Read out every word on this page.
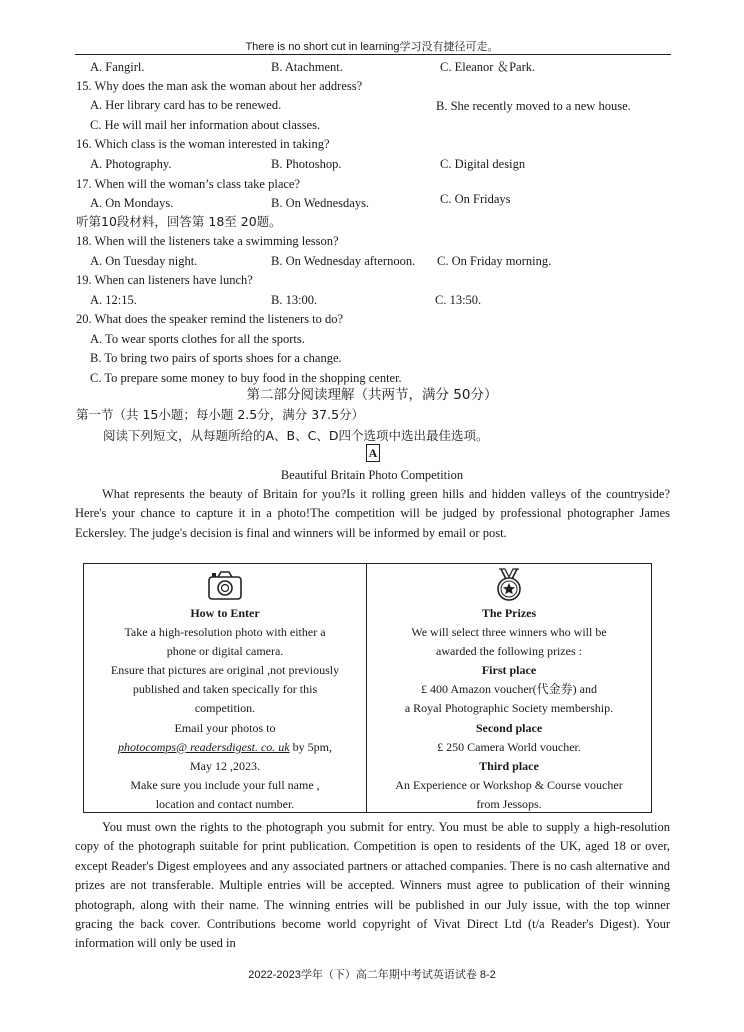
There is no short cut in learning学习没有捷径可走。
A. Fangirl.	B. Atachment.	C. Eleanor ＆Park.
15. Why does the man ask the woman about her address?
A. Her library card has to be renewed.	B. She recently moved to a new house.
C. He will mail her information about classes.
16. Which class is the woman interested in taking?
A. Photography.	B. Photoshop.	C. Digital design
17. When will the woman’s class take place?
A. On Mondays.	B. On Wednesdays.	C. On Fridays
听第10段材料，回答第 18至 20题。
18. When will the listeners take a swimming lesson?
A. On Tuesday night.	B. On Wednesday afternoon. C. On Friday morning.
19. When can listeners have lunch?
A. 12:15.	B. 13:00.	C. 13:50.
20. What does the speaker remind the listeners to do?
A. To wear sports clothes for all the sports.
B. To bring two pairs of sports shoes for a change.
C. To prepare some money to buy food in the shopping center.
第二部分阅读理解（共两节，满分 50分）
第一节（共 15小题；每小题 2.5分，满分 37.5分）
阅读下列短文，从每题所给的A、B、C、D四个选项中选出最佳选项。
A
Beautiful Britain Photo Competition

What represents the beauty of Britain for you?Is it rolling green hills and hidden valleys of the countryside?Here's your chance to capture it in a photo!The competition will be judged by professional photographer James Eckersley. The judge's decision is final and winners will be informed by email or post.

How to Enter
Take a high-resolution photo with either a
phone or digital camera.
Ensure that pictures are original ,not previously
published and taken specically for this
competition.
Email your photos to
photocomps@ readersdigest. co. uk by 5pm,
May 12 ,2023.
Make sure you include your full name ,
location and contact number.
The Prizes
We will select three winners who will be
awarded the following prizes :
First place
£ 400 Amazon voucher(代金券) and
a Royal Photographic Society membership.
Second place
£ 250 Camera World voucher.
Third place
An Experience or Workshop & Course voucher
from Jessops.

You must own the rights to the photograph you submit for entry. You must be able to supply a high-resolution copy of the photograph suitable for print publication. Competition is open to residents of the UK, aged 18 or over, except Reader's Digest employees and any associated partners or attached companies. There is no cash alternative and prizes are not transferable. Multiple entries will be accepted. Winners must agree to publication of their winning photograph, along with their name. The winning entries will be published in our July issue, with the top winner gracing the back cover. Contributions become world copyright of Vivat Direct Ltd (t/a Reader's Digest). Your information will only be used in

2022-2023学年（下）高二年期中考试英语试卷 8-2
